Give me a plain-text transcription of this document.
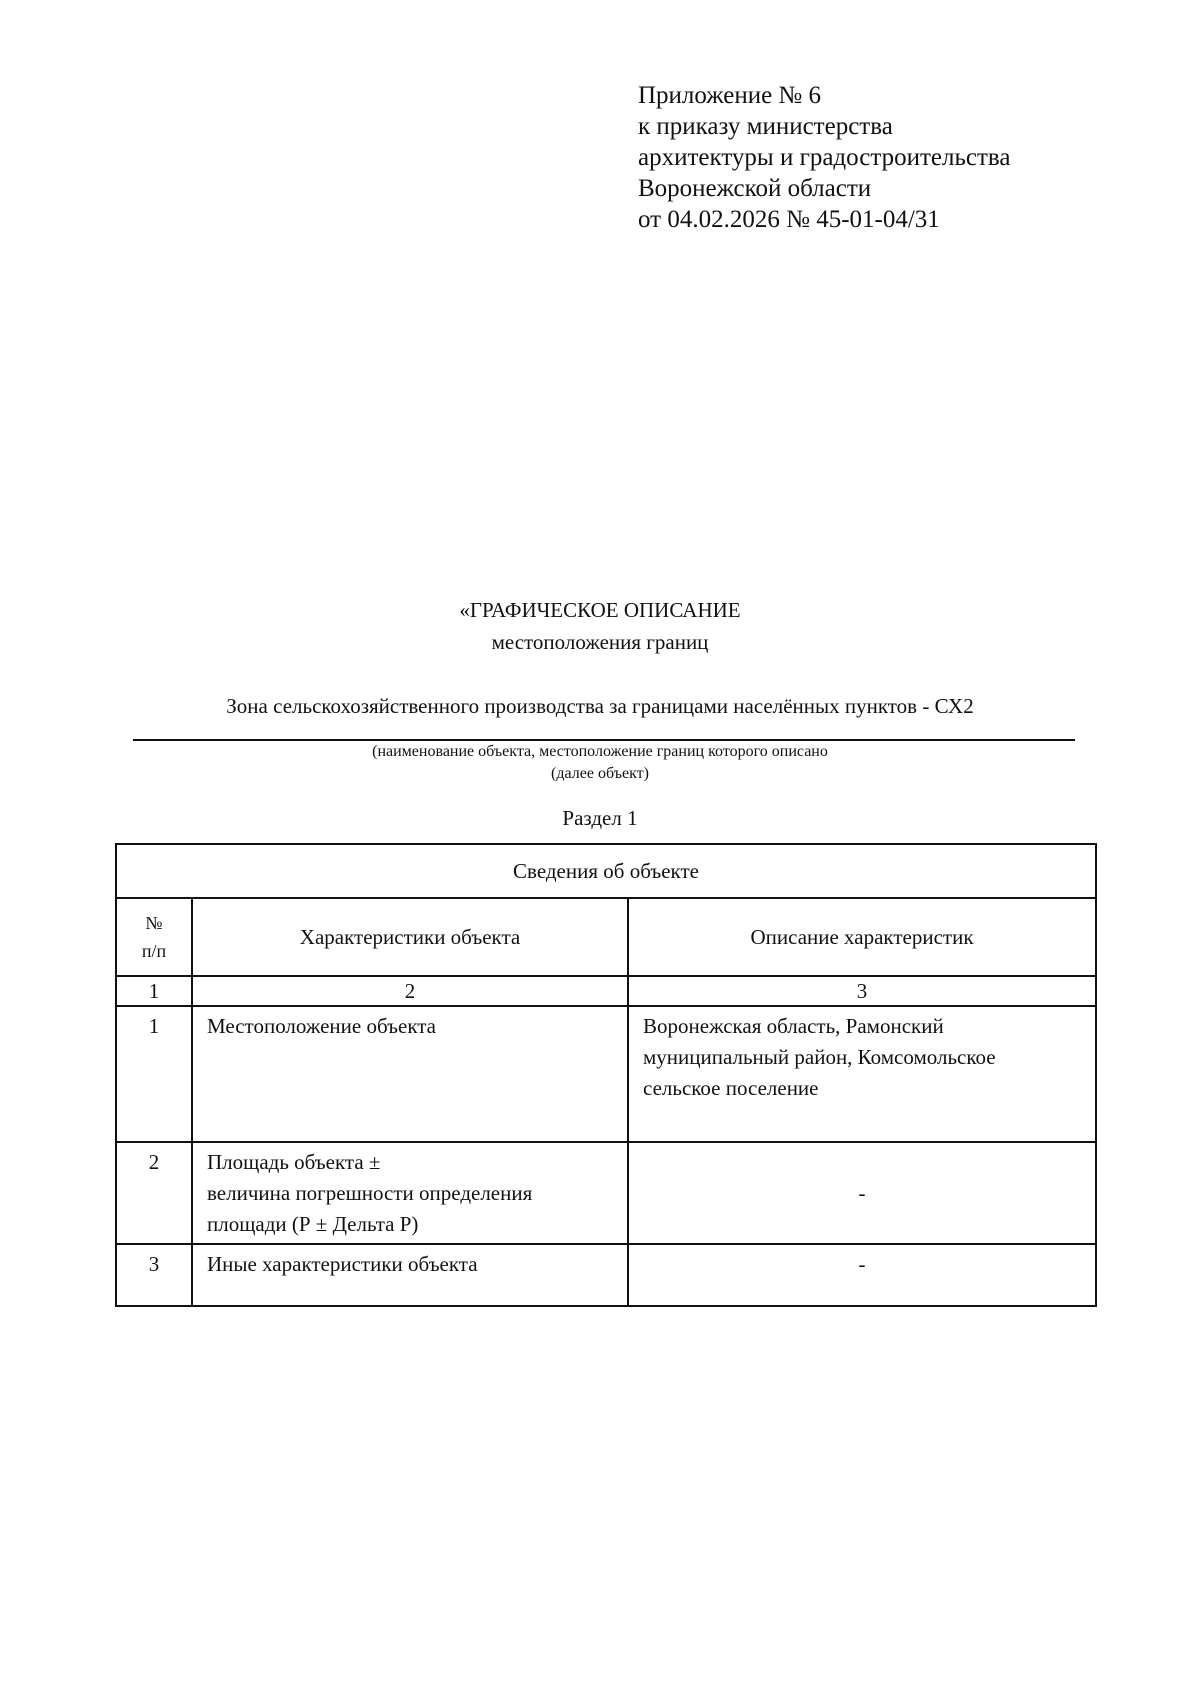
Приложение № 6
к приказу министерства
архитектуры и градостроительства
Воронежской области
от 04.02.2026 № 45-01-04/31
«ГРАФИЧЕСКОЕ ОПИСАНИЕ
местоположения границ
Зона сельскохозяйственного производства за границами населённых пунктов - СХ2
(наименование объекта, местоположение границ которого описано
(далее объект)
Раздел 1
Сведения об объекте		

№
п/п	Характеристики объекта	Описание характеристик
1	2	3
1	Местоположение объекта	Воронежская область, Рамонский
муниципальный район, Комсомольское
сельское поселение

2	Площадь объекта ±
величина погрешности определения
площади (Р ± Дельта Р)	-
3	Иные характеристики объекта	-
